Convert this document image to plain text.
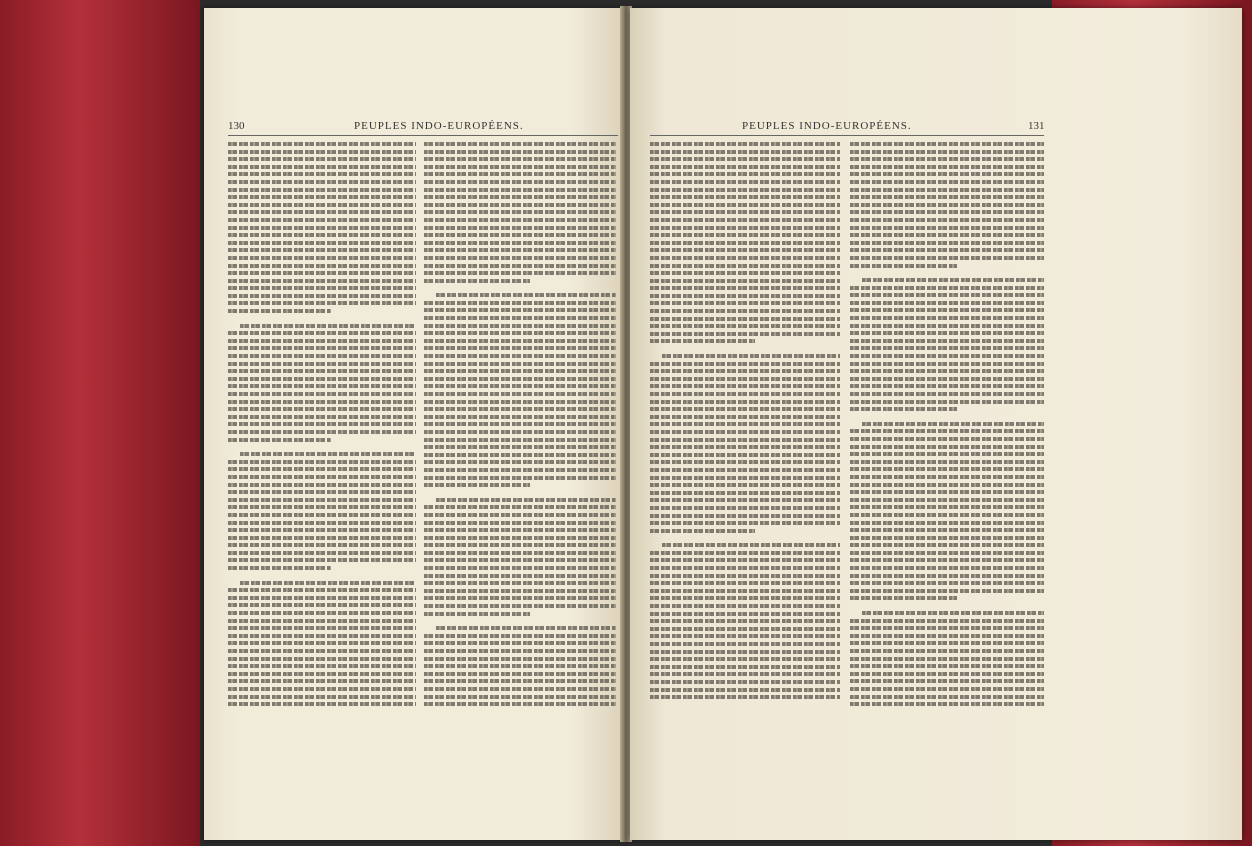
130	PEUPLES INDO-EUROPÉENS.	PEUPLES INDO-EUROPÉENS.	131
